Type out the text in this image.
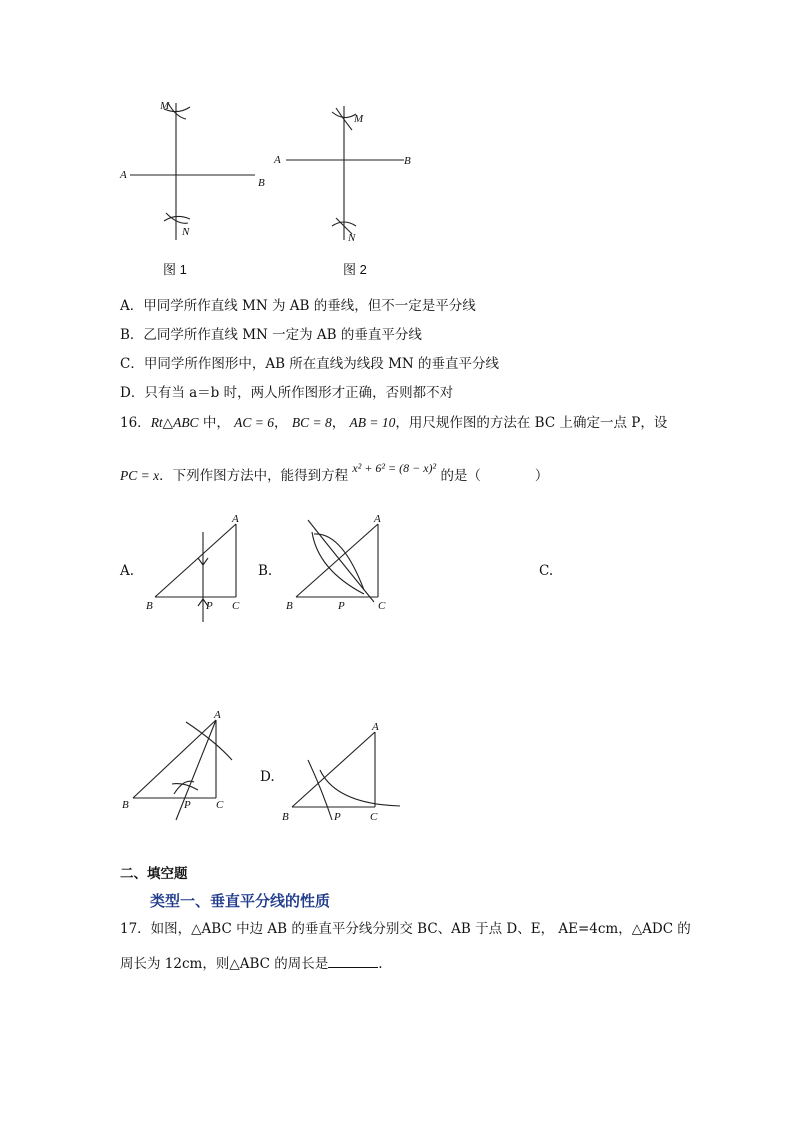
A
B
M
N
图 1
A	B
M
N
图 2
A．甲同学所作直线 MN 为 AB 的垂线，但不一定是平分线
B．乙同学所作直线 MN 一定为 AB 的垂直平分线
C．甲同学所作图形中，AB 所在直线为线段 MN 的垂直平分线
D．只有当 a＝b 时，两人所作图形才正确，否则都不对
16．Rt△ABC 中， AC = 6， BC = 8， AB = 10，用尺规作图的方法在 BC 上确定一点 P，设
PC = x．下列作图方法中，能得到方程 x² + 6² = (8 − x)² 的是（　　　　）
A.
A
B	C
P
B.
A
B	C
P
C.
A
B	C
P
D.
A
B	C
P
二、填空题
类型一、垂直平分线的性质
17．如图，△ABC 中边 AB 的垂直平分线分别交 BC、AB 于点 D、E， AE=4cm，△ADC 的
周长为 12cm，则△ABC 的周长是	.
